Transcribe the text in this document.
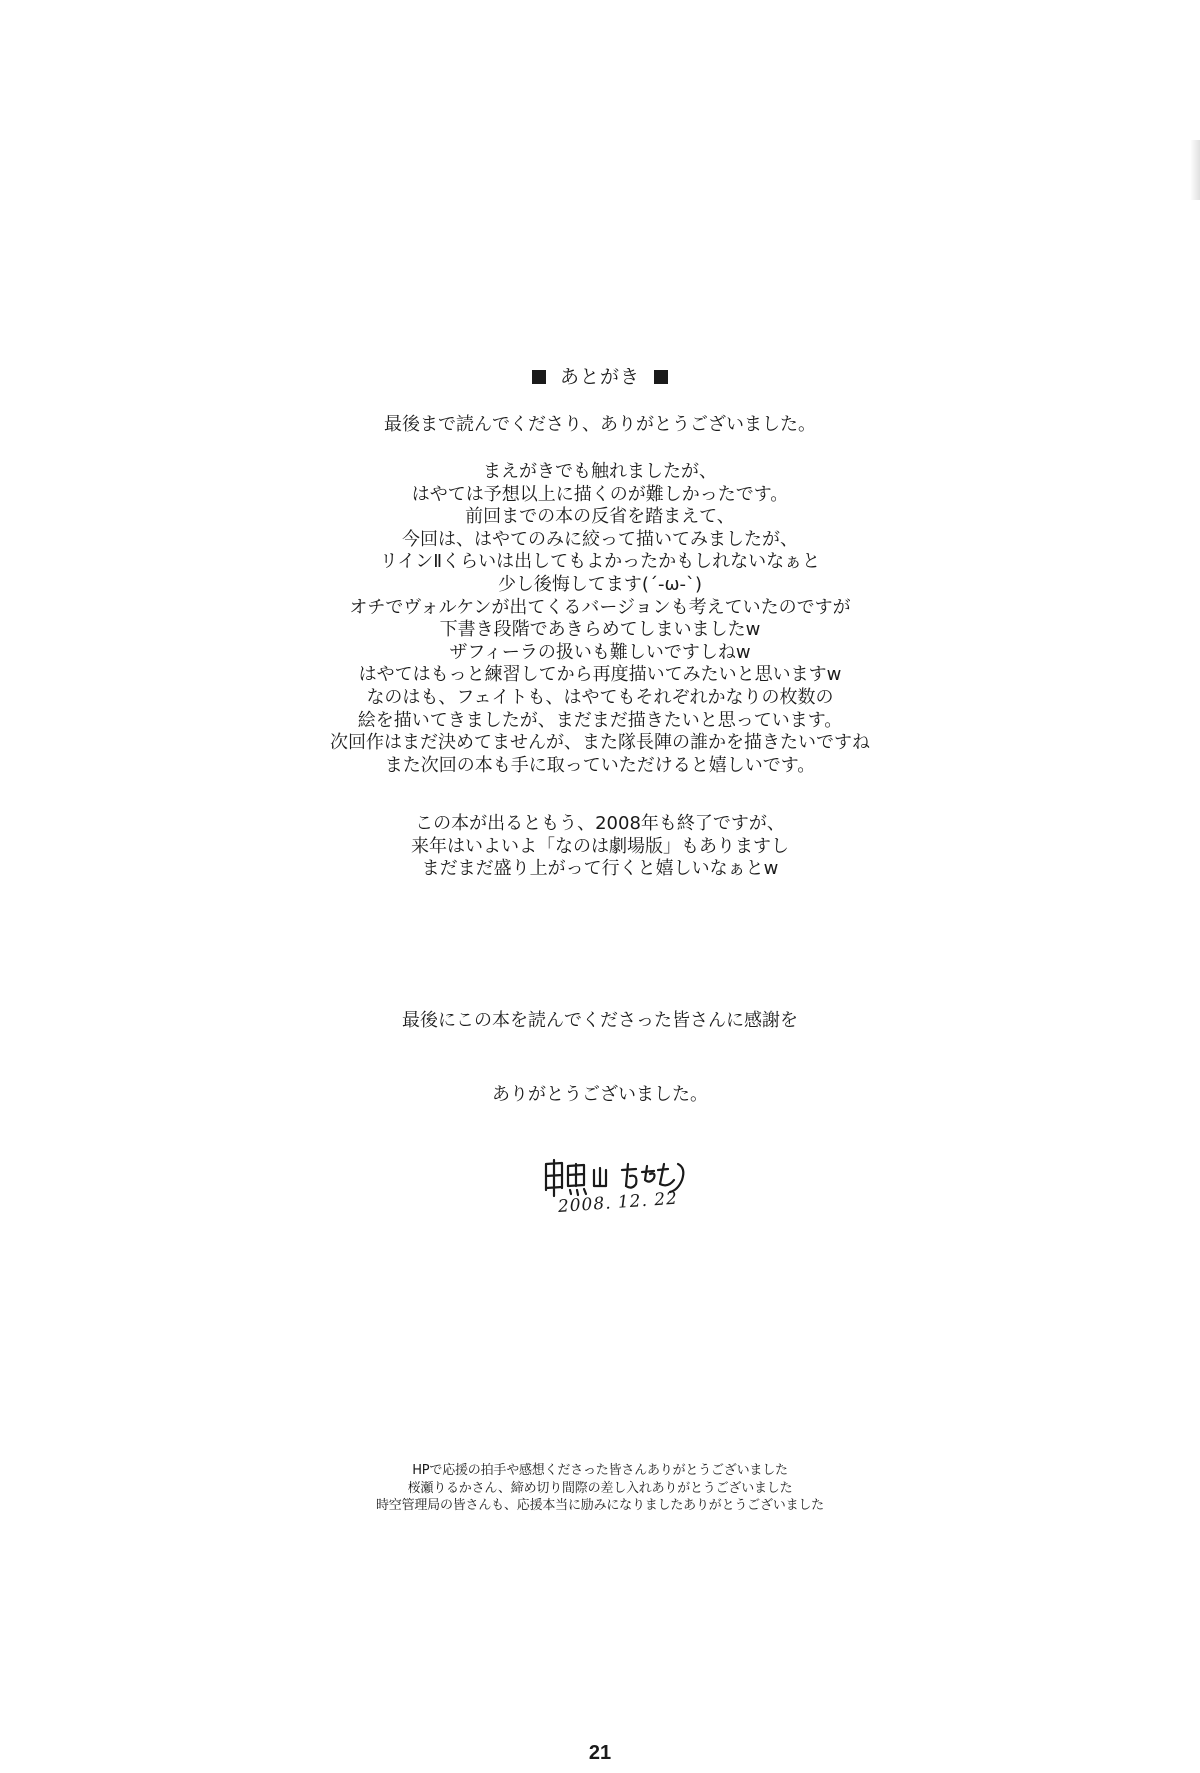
あとがき
最後まで読んでくださり、ありがとうございました。
まえがきでも触れましたが、
はやては予想以上に描くのが難しかったです。
前回までの本の反省を踏まえて、
今回は、はやてのみに絞って描いてみましたが、
リインⅡくらいは出してもよかったかもしれないなぁと
少し後悔してます(´-ω-`)
オチでヴォルケンが出てくるバージョンも考えていたのですが
下書き段階であきらめてしまいましたw
ザフィーラの扱いも難しいですしねw
はやてはもっと練習してから再度描いてみたいと思いますw
なのはも、フェイトも、はやてもそれぞれかなりの枚数の
絵を描いてきましたが、まだまだ描きたいと思っています。
次回作はまだ決めてませんが、また隊長陣の誰かを描きたいですね
また次回の本も手に取っていただけると嬉しいです。
この本が出るともう、2008年も終了ですが、
来年はいよいよ「なのは劇場版」もありますし
まだまだ盛り上がって行くと嬉しいなぁとw
最後にこの本を読んでくださった皆さんに感謝を
ありがとうございました。
2008. 12. 22
HPで応援の拍手や感想くださった皆さんありがとうございました
桜瀬りるかさん、締め切り間際の差し入れありがとうございました
時空管理局の皆さんも、応援本当に励みになりましたありがとうございました
21
